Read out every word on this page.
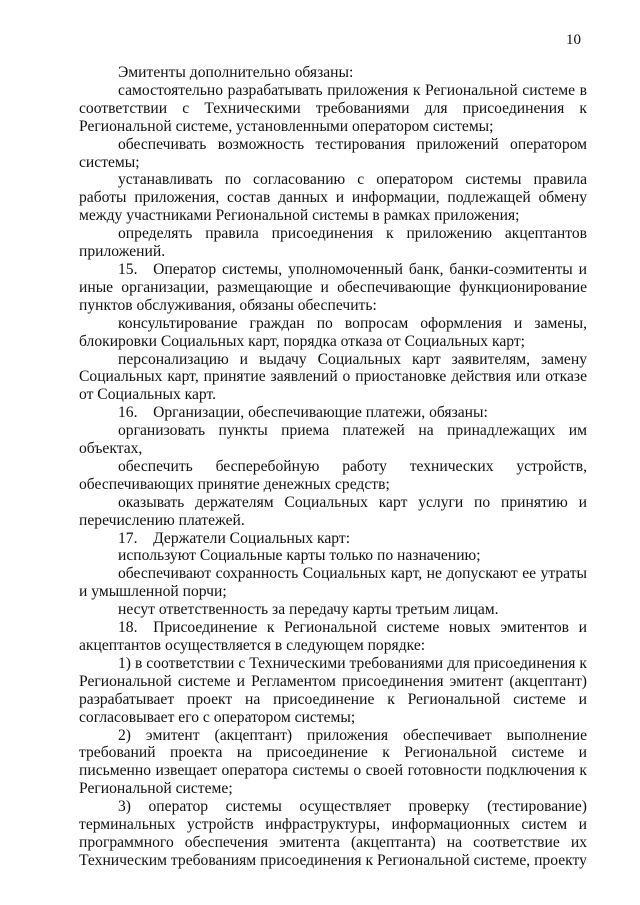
10

Эмитенты дополнительно обязаны:

самостоятельно разрабатывать приложения к Региональной системе в соответствии с Техническими требованиями для присоединения к Региональной системе, установленными оператором системы;

обеспечивать возможность тестирования приложений оператором системы;

устанавливать по согласованию с оператором системы правила работы приложения, состав данных и информации, подлежащей обмену между участниками Региональной системы в рамках приложения;

определять правила присоединения к приложению акцептантов приложений.

15. Оператор системы, уполномоченный банк, банки-соэмитенты и иные организации, размещающие и обеспечивающие функционирование пунктов обслуживания, обязаны обеспечить:

консультирование граждан по вопросам оформления и замены, блокировки Социальных карт, порядка отказа от Социальных карт;

персонализацию и выдачу Социальных карт заявителям, замену Социальных карт, принятие заявлений о приостановке действия или отказе от Социальных карт.

16. Организации, обеспечивающие платежи, обязаны:

организовать пункты приема платежей на принадлежащих им объектах,

обеспечить бесперебойную работу технических устройств, обеспечивающих принятие денежных средств;

оказывать держателям Социальных карт услуги по принятию и перечислению платежей.

17. Держатели Социальных карт:

используют Социальные карты только по назначению;

обеспечивают сохранность Социальных карт, не допускают ее утраты и умышленной порчи;

несут ответственность за передачу карты третьим лицам.

18. Присоединение к Региональной системе новых эмитентов и акцептантов осуществляется в следующем порядке:

1) в соответствии с Техническими требованиями для присоединения к Региональной системе и Регламентом присоединения эмитент (акцептант) разрабатывает проект на присоединение к Региональной системе и согласовывает его с оператором системы;

2) эмитент (акцептант) приложения обеспечивает выполнение требований проекта на присоединение к Региональной системе и письменно извещает оператора системы о своей готовности подключения к Региональной системе;

3) оператор системы осуществляет проверку (тестирование) терминальных устройств инфраструктуры, информационных систем и программного обеспечения эмитента (акцептанта) на соответствие их Техническим требованиям присоединения к Региональной системе, проекту
